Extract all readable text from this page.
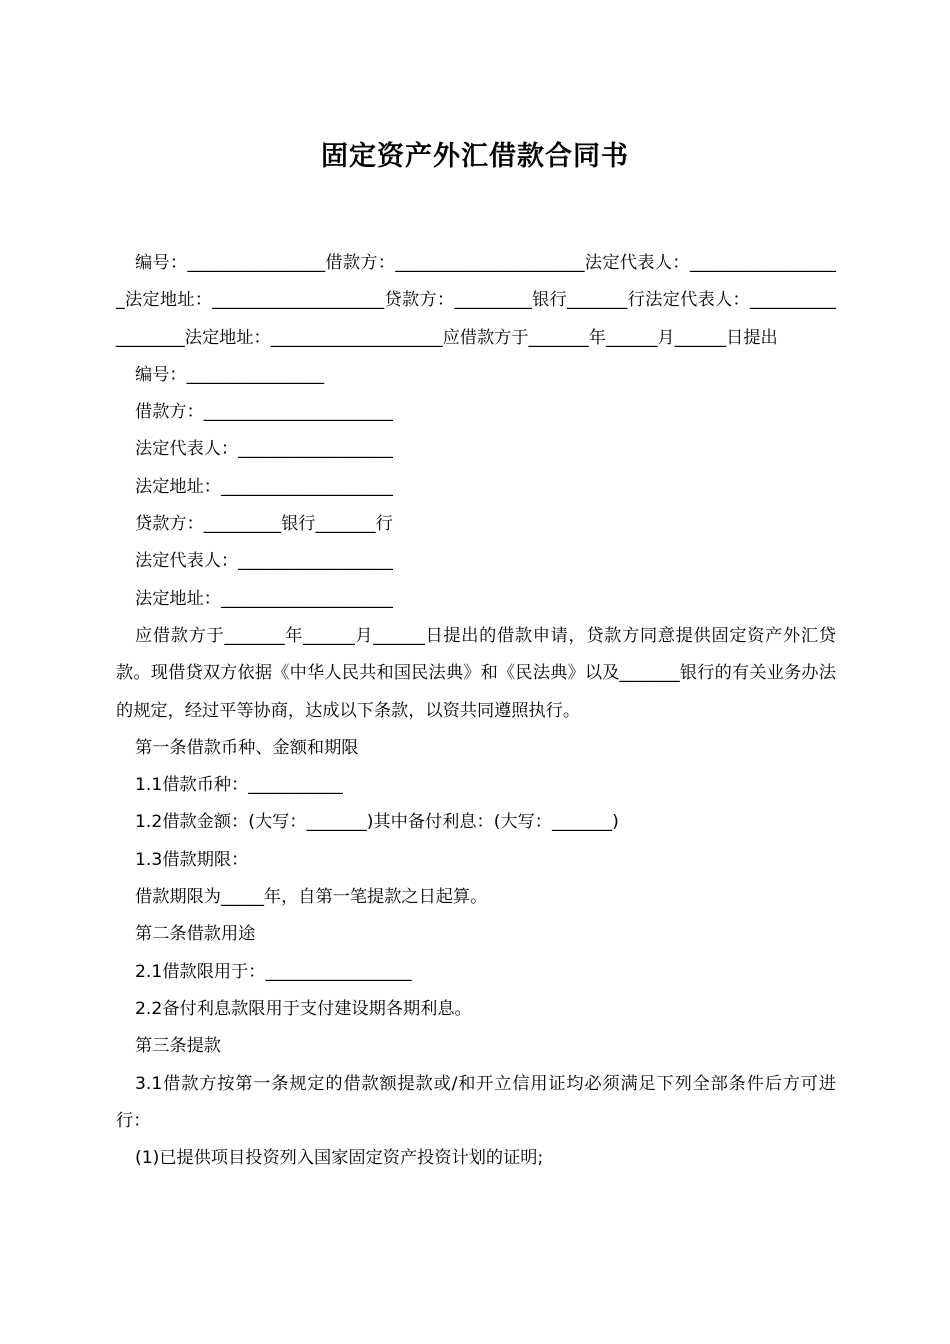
固定资产外汇借款合同书

编号：________________借款方：______________________法定代表人：__________________法定地址：____________________贷款方：_________银行_______行法定代表人：__________________法定地址：____________________应借款方于_______年______月______日提出

编号：________________

借款方：______________________

法定代表人：__________________

法定地址：____________________

贷款方：_________银行_______行

法定代表人：__________________

法定地址：____________________

应借款方于_______年______月______日提出的借款申请，贷款方同意提供固定资产外汇贷款。现借贷双方依据《中华人民共和国民法典》和《民法典》以及_______银行的有关业务办法的规定，经过平等协商，达成以下条款，以资共同遵照执行。

第一条借款币种、金额和期限

1.1借款币种：___________

1.2借款金额：(大写：_______)其中备付利息：(大写：_______)

1.3借款期限：

借款期限为_____年，自第一笔提款之日起算。

第二条借款用途

2.1借款限用于：_________________

2.2备付利息款限用于支付建设期各期利息。

第三条提款

3.1借款方按第一条规定的借款额提款或/和开立信用证均必须满足下列全部条件后方可进行：

(1)已提供项目投资列入国家固定资产投资计划的证明;
